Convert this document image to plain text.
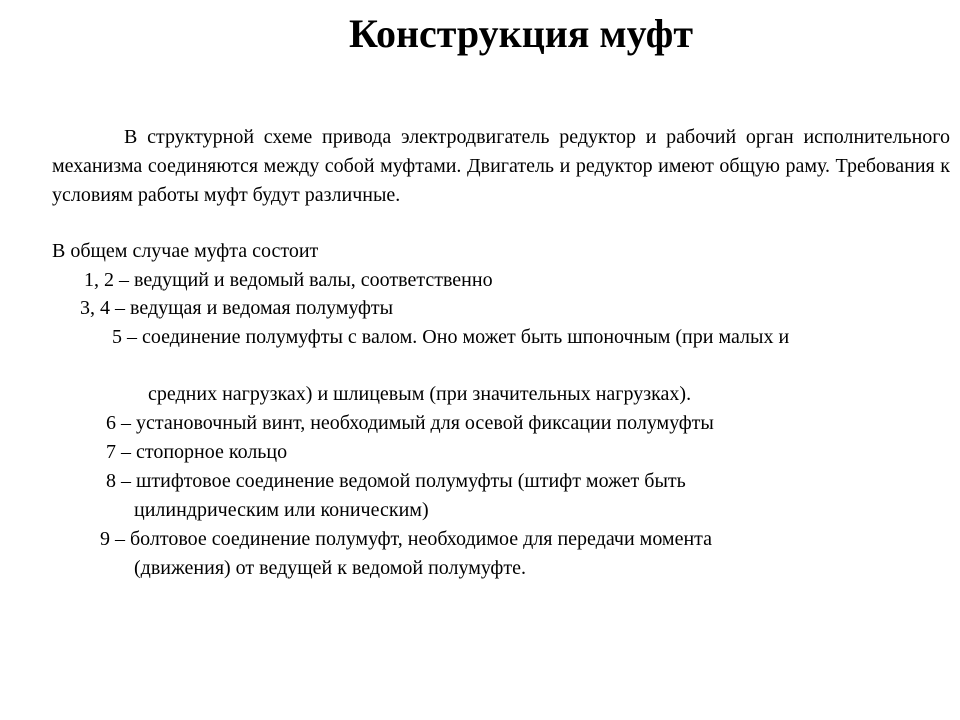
Конструкция муфт

В структурной схеме привода электродвигатель редуктор и рабочий орган исполнительного механизма соединяются между собой муфтами. Двигатель и редуктор имеют общую раму. Требования к условиям работы муфт будут различные.

В общем случае муфта состоит

1, 2 – ведущий и ведомый валы, соответственно

3, 4 – ведущая и ведомая полумуфты

5 – соединение полумуфты с валом. Оно может быть шпоночным (при малых и

средних нагрузках) и шлицевым (при значительных нагрузках).

6 – установочный винт, необходимый для осевой фиксации полумуфты

7 – стопорное кольцо

8 – штифтовое соединение ведомой полумуфты (штифт может быть

цилиндрическим или коническим)

9 – болтовое соединение полумуфт, необходимое для передачи момента

(движения) от ведущей к ведомой полумуфте.
